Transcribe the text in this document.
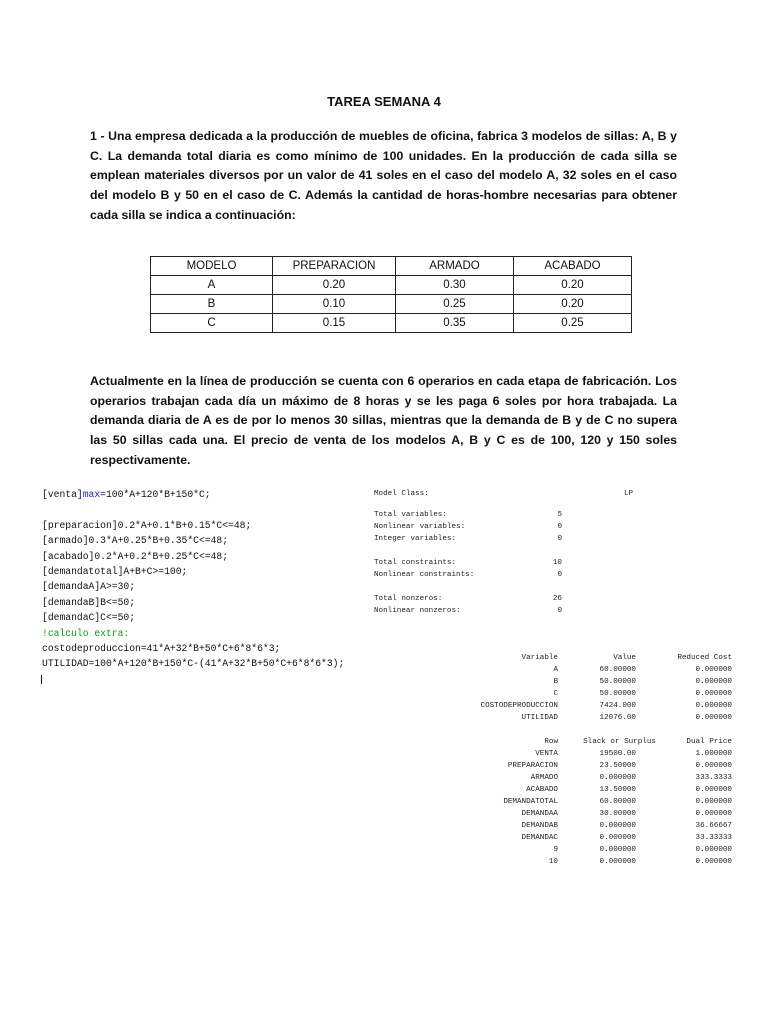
TAREA SEMANA 4
1 - Una empresa dedicada a la producción de muebles de oficina, fabrica 3 modelos de sillas: A, B y C. La demanda total diaria es como mínimo de 100 unidades. En la producción de cada silla se emplean materiales diversos por un valor de 41 soles en el caso del modelo A, 32 soles en el caso del modelo B y 50 en el caso de C. Además la cantidad de horas-hombre necesarias para obtener cada silla se indica a continuación:
MODELO	PREPARACION	ARMADO	ACABADO
A	0.20	0.30	0.20
B	0.10	0.25	0.20
C	0.15	0.35	0.25
Actualmente en la línea de producción se cuenta con 6 operarios en cada etapa de fabricación. Los operarios trabajan cada día un máximo de 8 horas y se les paga 6 soles por hora trabajada. La demanda diaria de A es de por lo menos 30 sillas, mientras que la demanda de B y de C no supera las 50 sillas cada una. El precio de venta de los modelos A, B y C es de 100, 120 y 150 soles respectivamente.
[venta]max=100*A+120*B+150*C;

[preparacion]0.2*A+0.1*B+0.15*C<=48;
[armado]0.3*A+0.25*B+0.35*C<=48;
[acabado]0.2*A+0.2*B+0.25*C<=48;
[demandatotal]A+B+C>=100;
[demandaA]A>=30;
[demandaB]B<=50;
[demandaC]C<=50;
!calculo extra:
costodeproduccion=41*A+32*B+50*C+6*8*6*3;
UTILIDAD=100*A+120*B+150*C-(41*A+32*B+50*C+6*8*6*3);
Model Class:	LP
Total variables:	5
Nonlinear variables:	0
Integer variables:	0
Total constraints:	10
Nonlinear constraints:	0
Total nonzeros:	26
Nonlinear nonzeros:	0
Variable	Value	Reduced Cost
A	60.00000	0.000000
B	50.00000	0.000000
C	50.00000	0.000000
COSTODEPRODUCCION	7424.000	0.000000
UTILIDAD	12076.00	0.000000
Row	Slack or Surplus	Dual Price
VENTA	19500.00	1.000000
PREPARACION	23.50000	0.000000
ARMADO	0.000000	333.3333
ACABADO	13.50000	0.000000
DEMANDATOTAL	60.00000	0.000000
DEMANDAA	30.00000	0.000000
DEMANDAB	0.000000	36.66667
DEMANDAC	0.000000	33.33333
9	0.000000	0.000000
10	0.000000	0.000000
